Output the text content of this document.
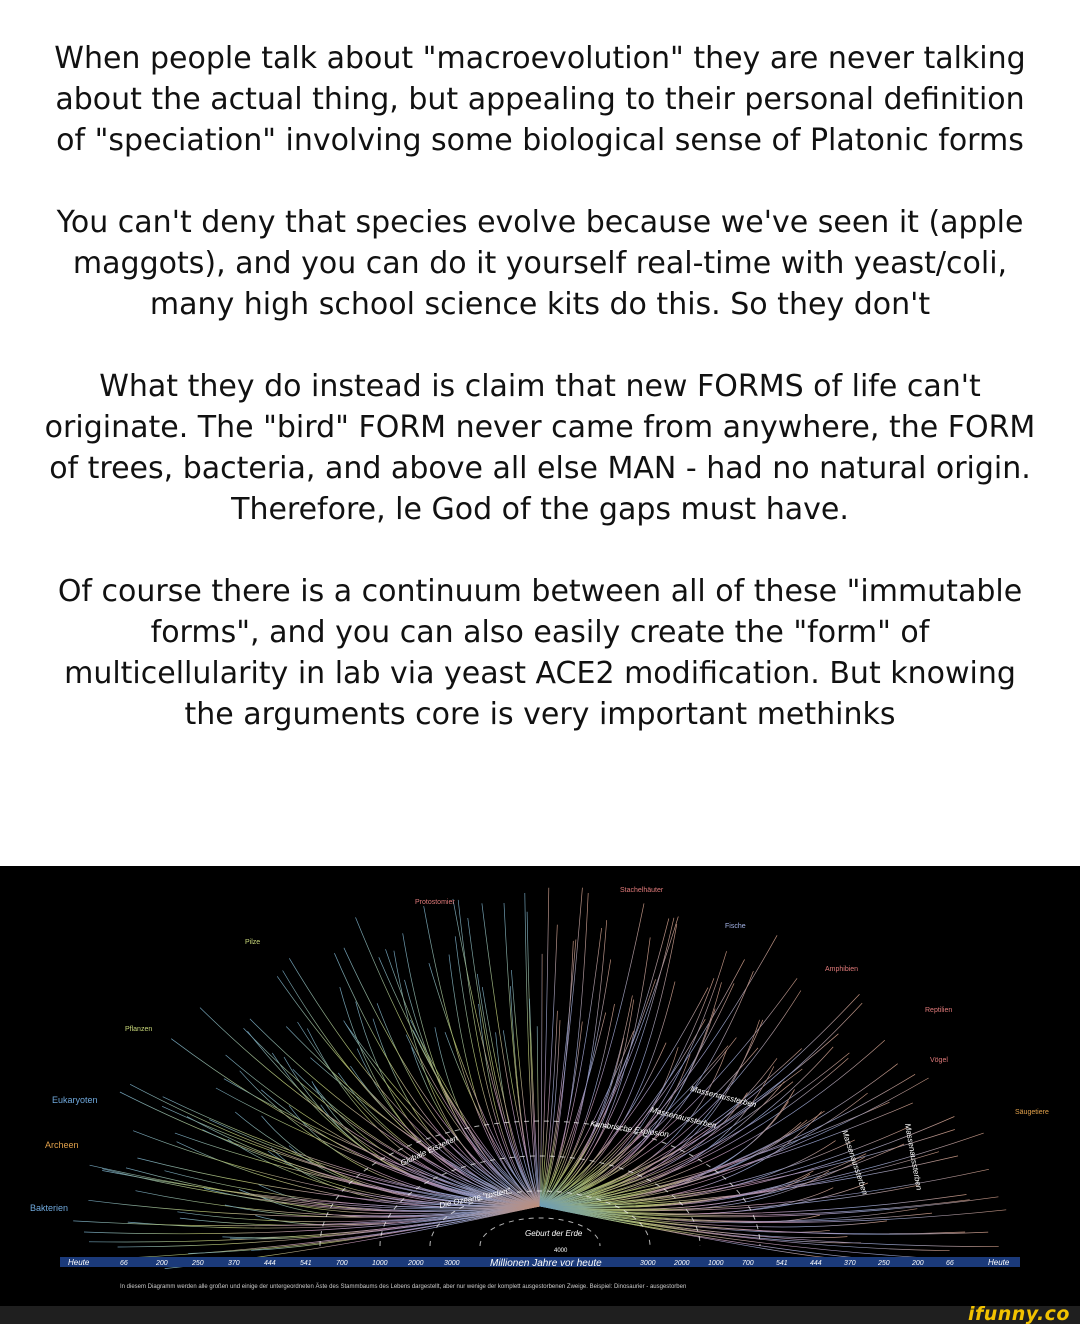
When people talk about "macroevolution" they are never talking about the actual thing, but appealing to their personal definition of "speciation" involving some biological sense of Platonic forms

You can't deny that species evolve because we've seen it (apple maggots), and you can do it yourself real-time with yeast/coli, many high school science kits do this. So they don't

What they do instead is claim that new FORMS of life can't originate. The "bird" FORM never came from anywhere, the FORM of trees, bacteria, and above all else MAN - had no natural origin. Therefore, le God of the gaps must have.

Of course there is a continuum between all of these "immutable forms", and you can also easily create the "form" of multicellularity in lab via yeast ACE2 modification. But knowing the arguments core is very important methinks

Eukaryoten
Archeen
Bakterien
Pilze
Pflanzen
Protostomier
Stachelhäuter
Fische
Amphibien
Reptilien
Vögel
Säugetiere
Massenaussterben
Massenaussterben
Kambrische Explosion
Globale Eiszeiten
Die Ozeane "rosten"
Geburt der Erde
Massenaussterben	Massenaussterben
4000
66	200	250	370	444	541	700	1000	2000	3000	3000	2000	1000	700	541	444	370	250	200	66
Heute	Millionen Jahre vor heute	Heute
In diesem Diagramm werden alle großen und einige der untergeordneten Äste des Stammbaums des Lebens dargestellt, aber nur wenige der komplett ausgestorbenen Zweige. Beispiel: Dinosaurier - ausgestorben
ifunny.co
